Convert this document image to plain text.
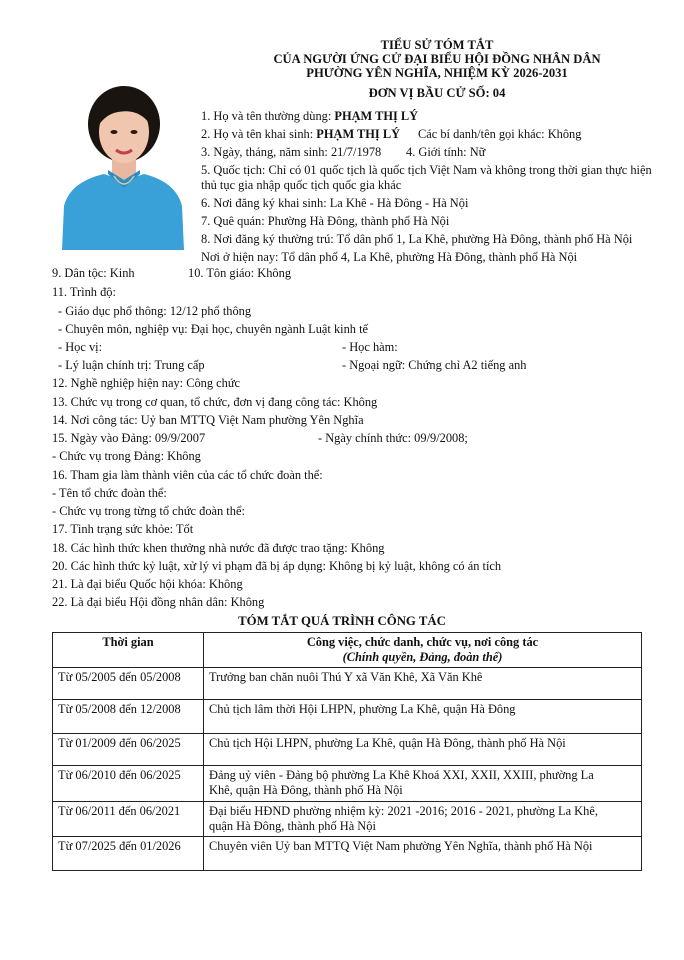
TIỂU SỬ TÓM TẮT
CỦA NGƯỜI ỨNG CỬ ĐẠI BIỂU HỘI ĐỒNG NHÂN DÂN
PHƯỜNG YÊN NGHĨA, NHIỆM KỲ 2026-2031
ĐƠN VỊ BẦU CỬ SỐ: 04
1. Họ và tên thường dùng: PHẠM THỊ LÝ
2. Họ và tên khai sinh: PHẠM THỊ LÝ Các bí danh/tên gọi khác: Không
3. Ngày, tháng, năm sinh: 21/7/1978 4. Giới tính: Nữ
5. Quốc tịch: Chỉ có 01 quốc tịch là quốc tịch Việt Nam và không trong thời gian thực hiện
thủ tục gia nhập quốc tịch quốc gia khác
6. Nơi đăng ký khai sinh: La Khê - Hà Đông - Hà Nội
7. Quê quán: Phường Hà Đông, thành phố Hà Nội
8. Nơi đăng ký thường trú: Tổ dân phố 1, La Khê, phường Hà Đông, thành phố Hà Nội
Nơi ở hiện nay: Tổ dân phố 4, La Khê, phường Hà Đông, thành phố Hà Nội
9. Dân tộc: Kinh	10. Tôn giáo: Không
11. Trình độ:
- Giáo dục phổ thông: 12/12 phổ thông
- Chuyên môn, nghiệp vụ: Đại học, chuyên ngành Luật kinh tế
- Học vị:	- Học hàm:
- Lý luận chính trị: Trung cấp	- Ngoại ngữ: Chứng chỉ A2 tiếng anh
12. Nghề nghiệp hiện nay: Công chức
13. Chức vụ trong cơ quan, tổ chức, đơn vị đang công tác: Không
14. Nơi công tác: Uỷ ban MTTQ Việt Nam phường Yên Nghĩa
15. Ngày vào Đảng: 09/9/2007	- Ngày chính thức: 09/9/2008;
- Chức vụ trong Đảng: Không
16. Tham gia làm thành viên của các tổ chức đoàn thể:
- Tên tổ chức đoàn thể:
- Chức vụ trong từng tổ chức đoàn thể:
17. Tình trạng sức khỏe: Tốt
18. Các hình thức khen thưởng nhà nước đã được trao tặng: Không
20. Các hình thức kỷ luật, xử lý vi phạm đã bị áp dụng: Không bị kỷ luật, không có án tích
21. Là đại biểu Quốc hội khóa: Không
22. Là đại biểu Hội đồng nhân dân: Không
TÓM TẮT QUÁ TRÌNH CÔNG TÁC
Thời gian	Công việc, chức danh, chức vụ, nơi công tác
(Chính quyền, Đảng, đoàn thể)

Từ 05/2005 đến 05/2008	Trưởng ban chăn nuôi Thú Y xã Văn Khê, Xã Văn Khê

Từ 05/2008 đến 12/2008	Chủ tịch lâm thời Hội LHPN, phường La Khê, quận Hà Đông

Từ 01/2009 đến 06/2025	Chủ tịch Hội LHPN, phường La Khê, quận Hà Đông, thành phố Hà Nội

Từ 06/2010 đến 06/2025	Đảng uỷ viên - Đảng bộ phường La Khê Khoá XXI, XXII, XXIII, phường La
Khê, quận Hà Đông, thành phố Hà Nội

Từ 06/2011 đến 06/2021	Đại biểu HĐND phường nhiệm kỳ: 2021 -2016; 2016 - 2021, phường La Khê,
quận Hà Đông, thành phố Hà Nội

Từ 07/2025 đến 01/2026	Chuyên viên Uỷ ban MTTQ Việt Nam phường Yên Nghĩa, thành phố Hà Nội
